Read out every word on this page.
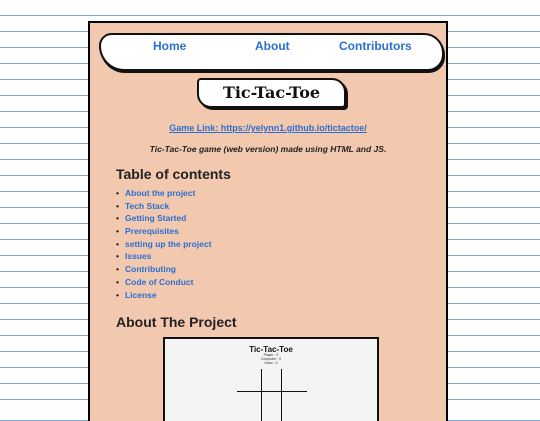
Home	About	Contributors
Tic-Tac-Toe
Game Link: https://yelynn1.github.io/tictactoe/
Tic-Tac-Toe game (web version) made using HTML and JS.
Table of contents
• About the project
• Tech Stack
• Getting Started
• Prerequisites
• setting up the project
• Issues
• Contributing
• Code of Conduct
• License
About The Project
Tic-Tac-Toe
Player : 0
Computer : 0
Draw : 0
